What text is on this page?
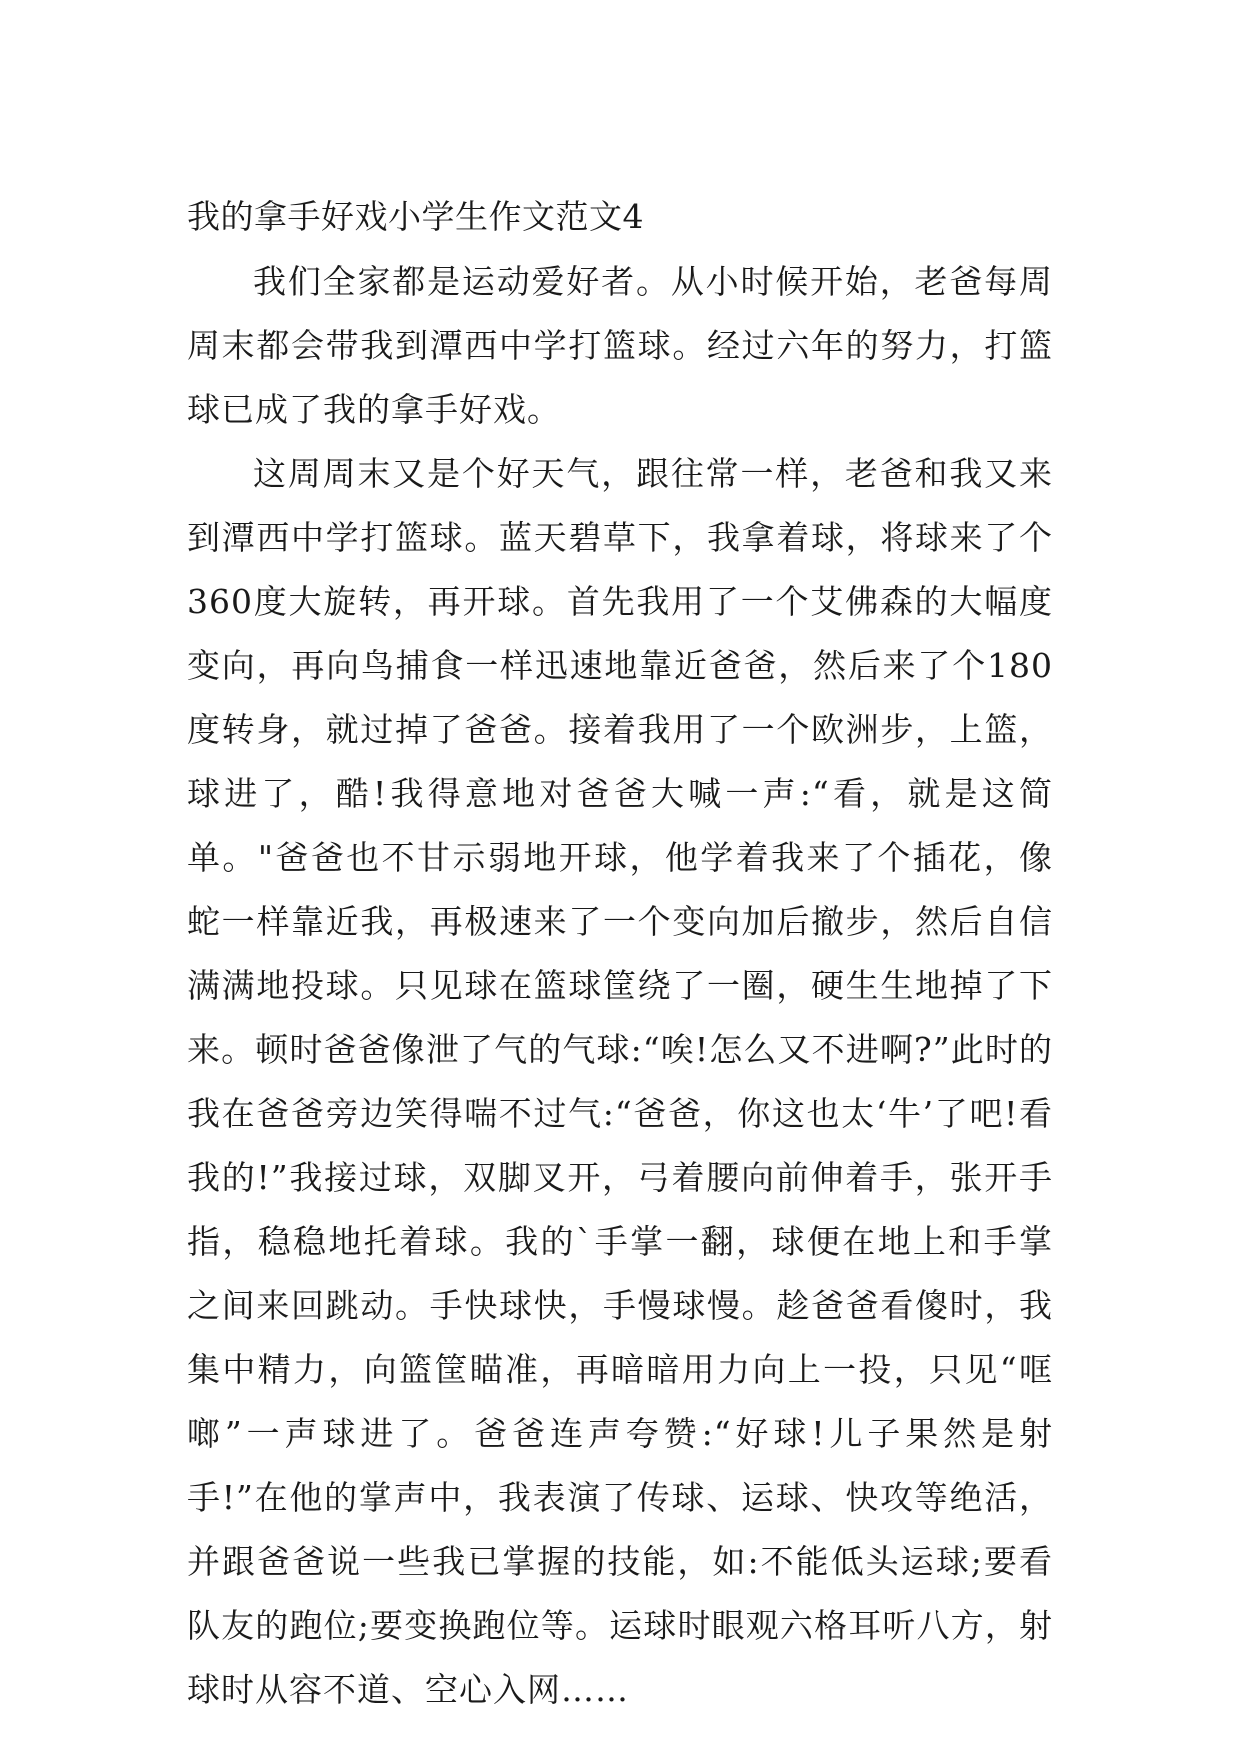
我的拿手好戏小学生作文范文4

我们全家都是运动爱好者。从小时候开始，老爸每周周末都会带我到潭西中学打篮球。经过六年的努力，打篮球已成了我的拿手好戏。

这周周末又是个好天气，跟往常一样，老爸和我又来到潭西中学打篮球。蓝天碧草下，我拿着球，将球来了个360度大旋转，再开球。首先我用了一个艾佛森的大幅度变向，再向鸟捕食一样迅速地靠近爸爸，然后来了个180度转身，就过掉了爸爸。接着我用了一个欧洲步，上篮，球进了，酷!我得意地对爸爸大喊一声:“看，就是这简单。"爸爸也不甘示弱地开球，他学着我来了个插花，像蛇一样靠近我，再极速来了一个变向加后撤步，然后自信满满地投球。只见球在篮球筐绕了一圈，硬生生地掉了下来。顿时爸爸像泄了气的气球:“唉!怎么又不进啊?”此时的我在爸爸旁边笑得喘不过气:“爸爸，你这也太‘牛’了吧!看我的!”我接过球，双脚叉开，弓着腰向前伸着手，张开手指，稳稳地托着球。我的`手掌一翻，球便在地上和手掌之间来回跳动。手快球快，手慢球慢。趁爸爸看傻时，我集中精力，向篮筐瞄准，再暗暗用力向上一投，只见“哐啷”一声球进了。爸爸连声夸赞:“好球!儿子果然是射手!”在他的掌声中，我表演了传球、运球、快攻等绝活，并跟爸爸说一些我已掌握的技能，如:不能低头运球;要看队友的跑位;要变换跑位等。运球时眼观六格耳听八方，射球时从容不道、空心入网……
